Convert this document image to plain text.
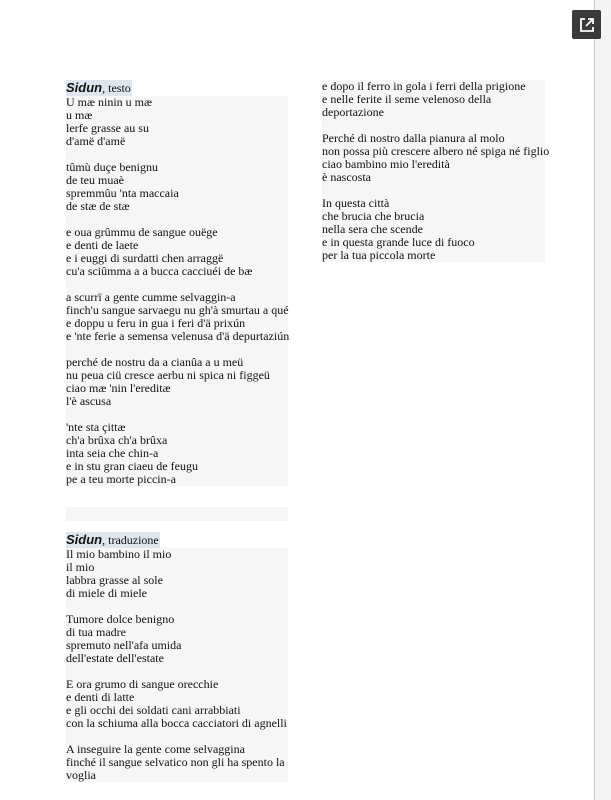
Sidun, testo
U mæ ninin u mæ
u mæ
lerfe grasse au su
d'amë d'amë
tûmù duçe benignu
de teu muaè
spremmûu 'nta maccaia
de stæ de stæ
e oua grûmmu de sangue ouëge
e denti de laete
e i euggi di surdatti chen arraggë
cu'a sciûmma a a bucca cacciuéi de bæ
a scurrï a gente cumme selvaggin-a
finch'u sangue sarvaegu nu gh'à smurtau a qué
e doppu u feru in gua i feri d'ä prixún
e 'nte ferie a semensa velenusa d'ä depurtaziún
perché de nostru da a cianûa a u meü
nu peua ciü cresce aerbu ni spica ni figgeü
ciao mæ 'nin l'ereditæ
l'è ascusa
'nte sta çittæ
ch'a brûxa ch'a brûxa
inta seia che chin-a
e in stu gran ciaeu de feugu
pe a teu morte piccin-a
Sidun, traduzione
Il mio bambino il mio
il mio
labbra grasse al sole
di miele di miele
Tumore dolce benigno
di tua madre
spremuto nell'afa umida
dell'estate dell'estate
E ora grumo di sangue orecchie
e denti di latte
e gli occhi dei soldati cani arrabbiati
con la schiuma alla bocca cacciatori di agnelli
A inseguire la gente come selvaggina
finché il sangue selvatico non gli ha spento la
voglia
e dopo il ferro in gola i ferri della prigione
e nelle ferite il seme velenoso della
deportazione
Perché di nostro dalla pianura al molo
non possa più crescere albero né spiga né figlio
ciao bambino mio l'eredità
è nascosta
In questa città
che brucia che brucia
nella sera che scende
e in questa grande luce di fuoco
per la tua piccola morte
